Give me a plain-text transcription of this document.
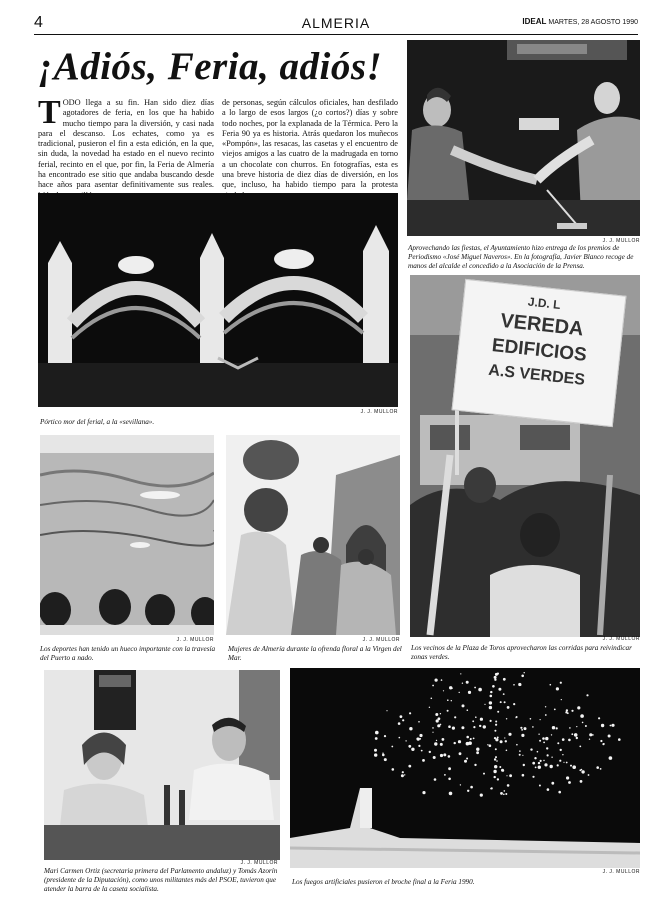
4	ALMERIA	IDEAL MARTES, 28 AGOSTO 1990
¡Adiós, Feria, adiós!
TODO llega a su fin. Han sido diez días agotadores de feria, en los que ha habido mucho tiempo para la diversión, y casi nada para el descanso. Los echates, como ya es tradicional, pusieron el fin a esta edición, en la que, sin duda, la novedad ha estado en el nuevo recinto ferial, recinto en el que, por fin, la Feria de Almería ha encontrado ese sitio que andaba buscando desde hace años para asentar definitivamente sus reales.
de personas, según cálculos oficiales, han desfilado a lo largo de esos largos (¿o cortos?) días y sobre todo noches, por la explanada de la Térmica. Pero la Feria 90 ya es historia. Atrás quedaron los muñecos «Pompón», las resacas, las casetas y el encuentro de viejos amigos a las cuatro de la madrugada en torno a un chocolate con churros. En fotografías, esta es una breve historia de diez días de diversión, en los que, incluso, ha habido tiempo para la protesta
J. J. MULLOR
Aprovechando las fiestas, el Ayuntamiento hizo entrega de los premios de Periodismo «José Miguel Naveros». En la fotografía, Javier Blanco recoge de manos del alcalde el concedido a la Asociación de la Prensa.
J. J. MULLOR
Pórtico mor del ferial, a la «sevillana».
J.D. L
VEREDA
EDIFICIOS
A.S VERDES
J. J. MULLOR
Los vecinos de la Plaza de Toros aprovecharon las corridas para reivindicar zonas verdes.
J. J. MULLOR
Los deportes han tenido un hueco importante con la travesía del Puerto a nado.
J. J. MULLOR
Mujeres de Almería durante la ofrenda floral a la Virgen del Mar.
J. J. MULLOR
Mari Carmen Ortiz (secretaria primera del Parlamento andaluz) y Tomás Azorín (presidente de la Diputación), como unos militantes más del PSOE, tuvieron que atender la barra de la caseta socialista.
J. J. MULLOR
Los fuegos artificiales pusieron el broche final a la Feria 1990.
